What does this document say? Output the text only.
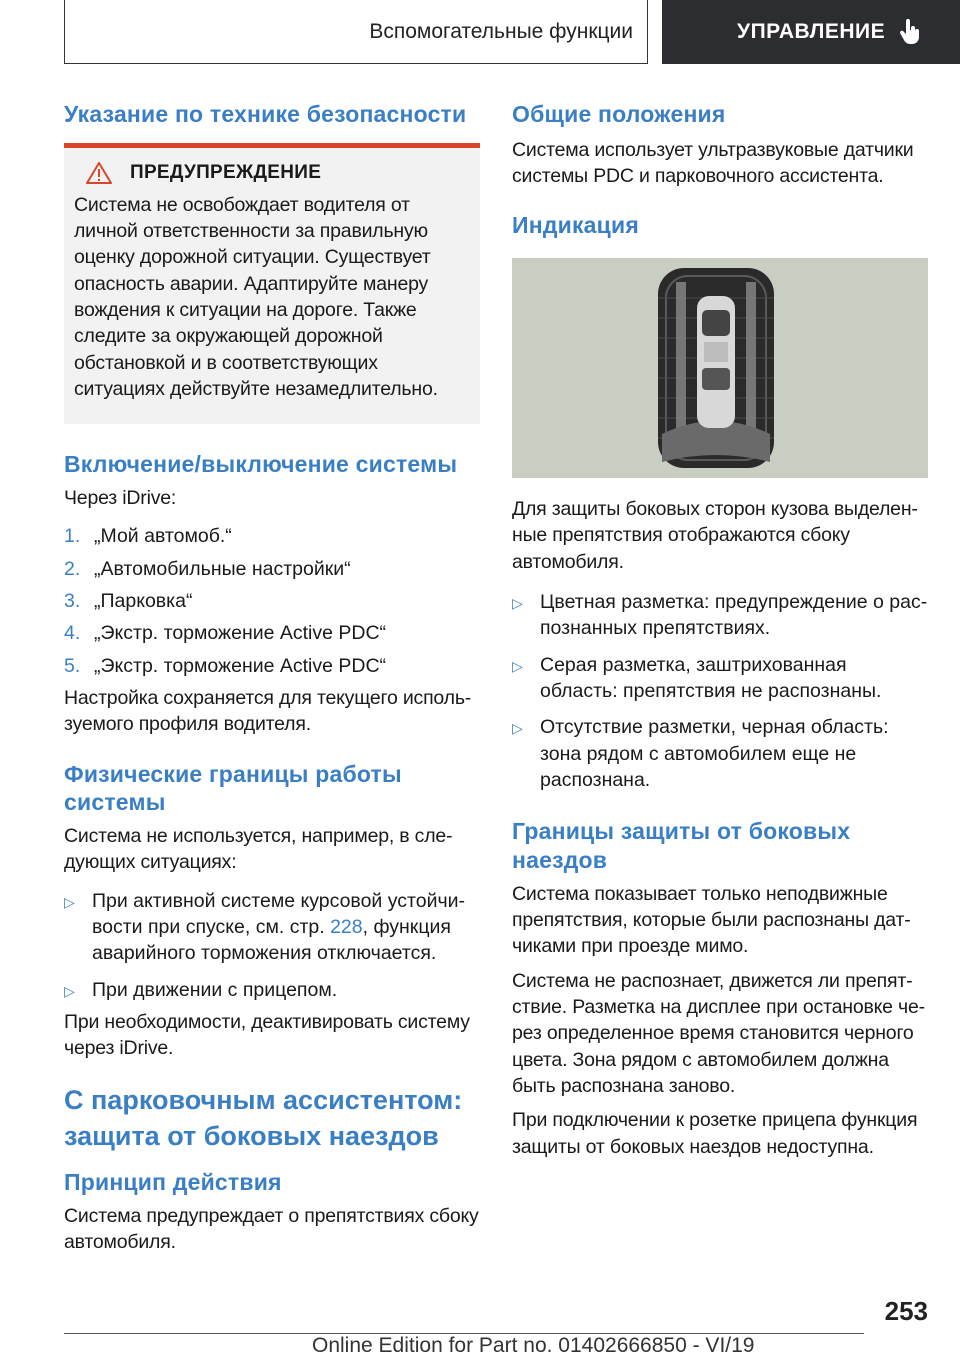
Вспомогательные функции	УПРАВЛЕНИЕ
Указание по технике безопасности
ПРЕДУПРЕЖДЕНИЕ

Система не освобождает водителя от личной ответственности за правильную оценку дорожной ситуации. Существует опасность аварии. Адаптируйте манеру вождения к ситуации на дороге. Также следите за окружающей дорожной обстановкой и в соответствующих ситуациях действуйте незамедлительно.

Включение/выключение системы

Через iDrive:

1. „Мой автомоб.“
2. „Автомобильные настройки“
3. „Парковка“
4. „Экстр. торможение Active PDC“
5. „Экстр. торможение Active PDC“

Настройка сохраняется для текущего используемого профиля водителя.

Физические границы работы системы

Система не используется, например, в следующих ситуациях:

▷ При активной системе курсовой устойчивости при спуске, см. стр. 228, функция аварийного торможения отключается.
▷ При движении с прицепом.

При необходимости, деактивировать систему через iDrive.

С парковочным ассистентом: защита от боковых наездов
Принцип действия

Система предупреждает о препятствиях сбоку автомобиля.

Общие положения

Система использует ультразвуковые датчики системы PDC и парковочного ассистента.

Индикация

Для защиты боковых сторон кузова выделенные препятствия отображаются сбоку автомобиля.

▷ Цветная разметка: предупреждение о распознанных препятствиях.
▷ Серая разметка, заштрихованная область: препятствия не распознаны.
▷ Отсутствие разметки, черная область: зона рядом с автомобилем еще не распознана.
Границы защиты от боковых наездов

Система показывает только неподвижные препятствия, которые были распознаны датчиками при проезде мимо.

Система не распознает, движется ли препятствие. Разметка на дисплее при остановке через определенное время становится черного цвета. Зона рядом с автомобилем должна быть распознана заново.

При подключении к розетке прицепа функция защиты от боковых наездов недоступна.

253
Online Edition for Part no. 01402666850 - VI/19
